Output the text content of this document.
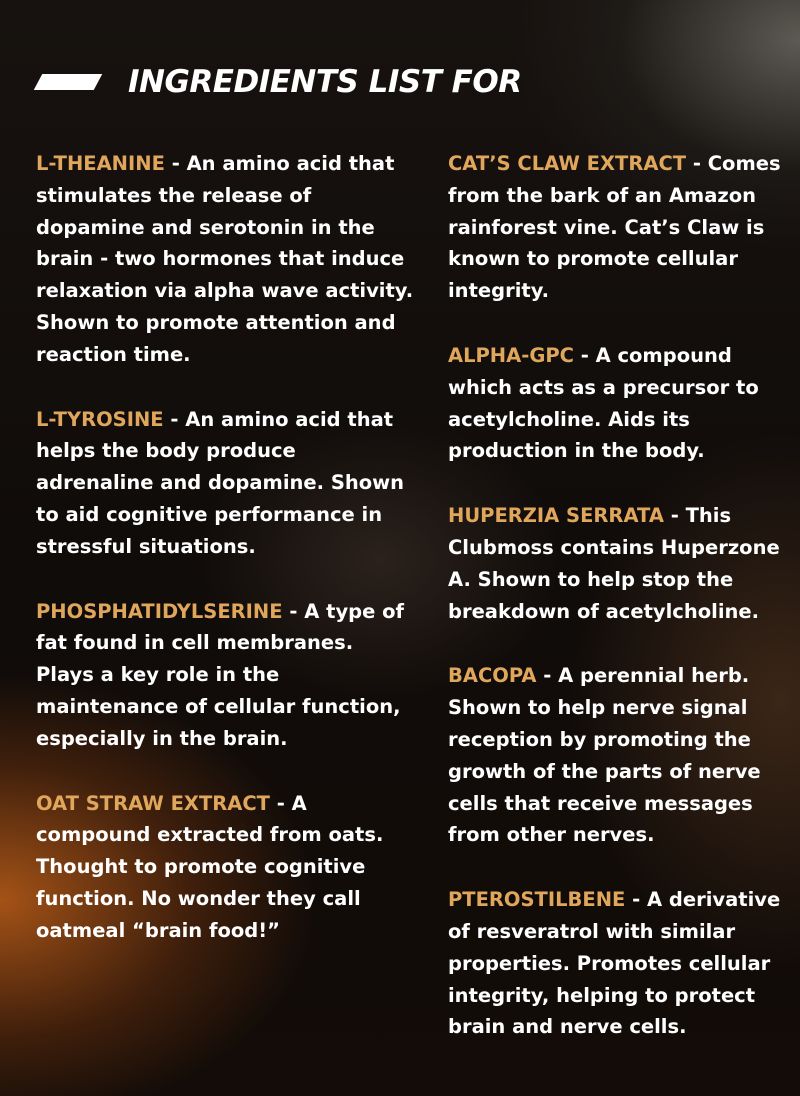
INGREDIENTS LIST FOR
L-THEANINE - An amino acid that stimulates the release of dopamine and serotonin in the brain - two hormones that induce relaxation via alpha wave activity. Shown to promote attention and reaction time.
L-TYROSINE - An amino acid that helps the body produce adrenaline and dopamine. Shown to aid cognitive performance in stressful situations.
PHOSPHATIDYLSERINE - A type of fat found in cell membranes. Plays a key role in the maintenance of cellular function, especially in the brain.
OAT STRAW EXTRACT - A compound extracted from oats. Thought to promote cognitive function. No wonder they call oatmeal “brain food!”
CAT’S CLAW EXTRACT - Comes from the bark of an Amazon rainforest vine. Cat’s Claw is known to promote cellular integrity.
ALPHA-GPC - A compound which acts as a precursor to acetylcholine. Aids its production in the body.
HUPERZIA SERRATA - This Clubmoss contains Huperzone A. Shown to help stop the breakdown of acetylcholine.
BACOPA - A perennial herb. Shown to help nerve signal reception by promoting the growth of the parts of nerve cells that receive messages from other nerves.
PTEROSTILBENE - A derivative of resveratrol with similar properties. Promotes cellular integrity, helping to protect brain and nerve cells.
